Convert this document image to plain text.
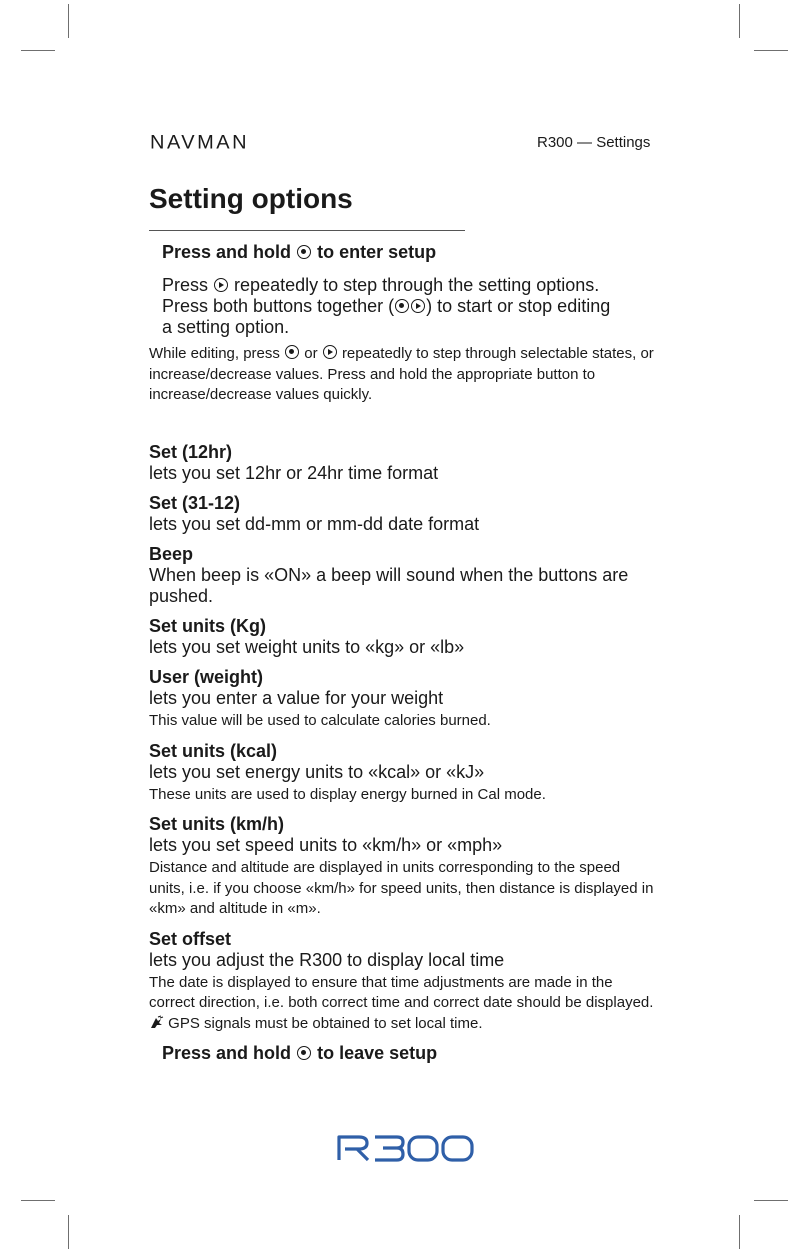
NAVMAN	R300 — Settings
Setting options
Press and hold to enter setup
Press repeatedly to step through the setting options.
Press both buttons together ( ) to start or stop editing
a setting option.
While editing, press or repeatedly to step through selectable states, or increase/decrease values. Press and hold the appropriate button to increase/decrease values quickly.
Set (12hr)
lets you set 12hr or 24hr time format
Set (31-12)
lets you set dd-mm or mm-dd date format
Beep
When beep is «ON» a beep will sound when the buttons are pushed.
Set units (Kg)
lets you set weight units to «kg» or «lb»
User (weight)
lets you enter a value for your weight
This value will be used to calculate calories burned.
Set units (kcal)
lets you set energy units to «kcal» or «kJ»
These units are used to display energy burned in Cal mode.
Set units (km/h)
lets you set speed units to «km/h» or «mph»
Distance and altitude are displayed in units corresponding to the speed units, i.e. if you choose «km/h» for speed units, then distance is displayed in «km» and altitude in «m».
Set offset
lets you adjust the R300 to display local time
The date is displayed to ensure that time adjustments are made in the correct direction, i.e. both correct time and correct date should be displayed.  GPS signals must be obtained to set local time.
Press and hold to leave setup
